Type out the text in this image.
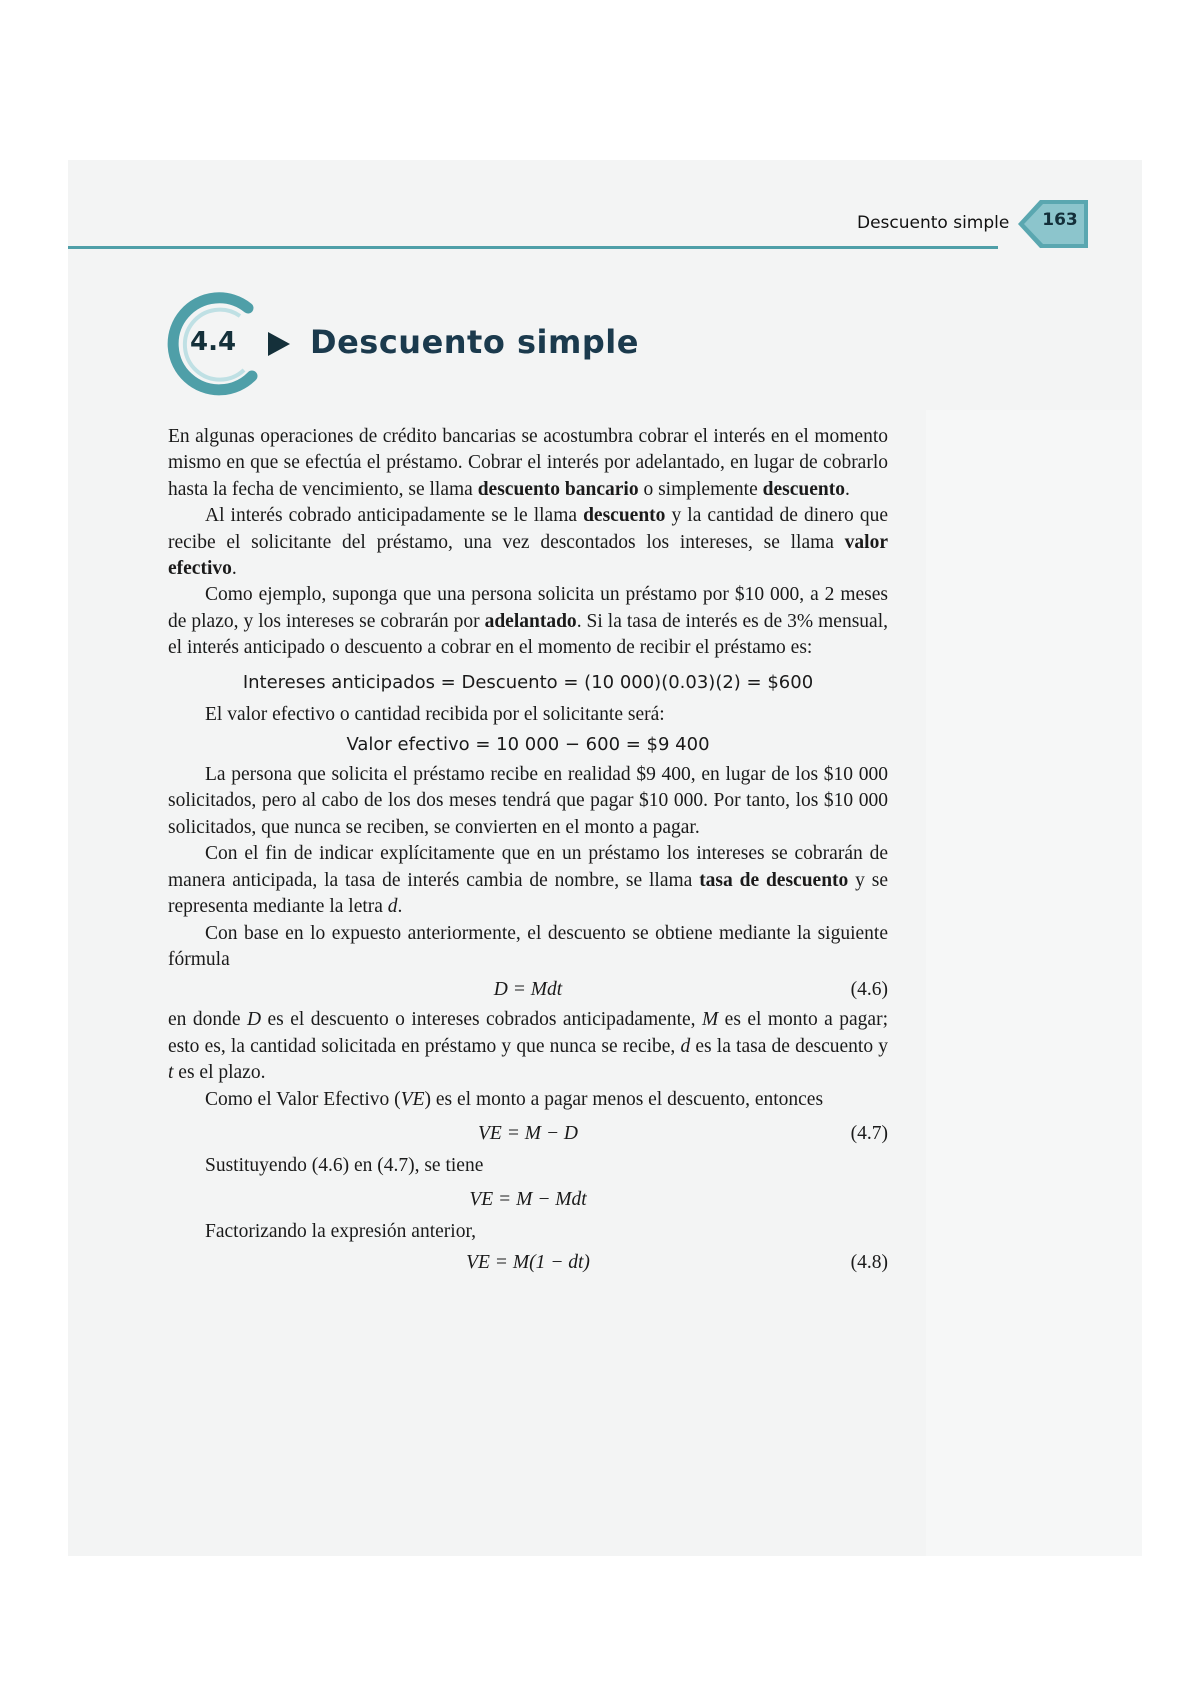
Descuento simple	163
4.4 Descuento simple

En algunas operaciones de crédito bancarias se acostumbra cobrar el interés en el momento mismo en que se efectúa el préstamo. Cobrar el interés por adelantado, en lugar de cobrarlo hasta la fecha de vencimiento, se llama descuento bancario o simplemente descuento.

Al interés cobrado anticipadamente se le llama descuento y la cantidad de dinero que recibe el solicitante del préstamo, una vez descontados los intereses, se llama valor efectivo.

Como ejemplo, suponga que una persona solicita un préstamo por $10 000, a 2 meses de plazo, y los intereses se cobrarán por adelantado. Si la tasa de interés es de 3% mensual, el interés anticipado o descuento a cobrar en el momento de recibir el préstamo es:

Intereses anticipados = Descuento = (10 000)(0.03)(2) = $600

El valor efectivo o cantidad recibida por el solicitante será:

Valor efectivo = 10 000 − 600 = $9 400

La persona que solicita el préstamo recibe en realidad $9 400, en lugar de los $10 000 solicitados, pero al cabo de los dos meses tendrá que pagar $10 000. Por tanto, los $10 000 solicitados, que nunca se reciben, se convierten en el monto a pagar.

Con el fin de indicar explícitamente que en un préstamo los intereses se cobrarán de manera anticipada, la tasa de interés cambia de nombre, se llama tasa de descuento y se representa mediante la letra d.

Con base en lo expuesto anteriormente, el descuento se obtiene mediante la siguiente fórmula

D = Mdt	(4.6)

en donde D es el descuento o intereses cobrados anticipadamente, M es el monto a pagar; esto es, la cantidad solicitada en préstamo y que nunca se recibe, d es la tasa de descuento y t es el plazo.

Como el Valor Efectivo (VE) es el monto a pagar menos el descuento, entonces

VE = M − D	(4.7)

Sustituyendo (4.6) en (4.7), se tiene

VE = M − Mdt

Factorizando la expresión anterior,

VE = M(1 − dt)	(4.8)
